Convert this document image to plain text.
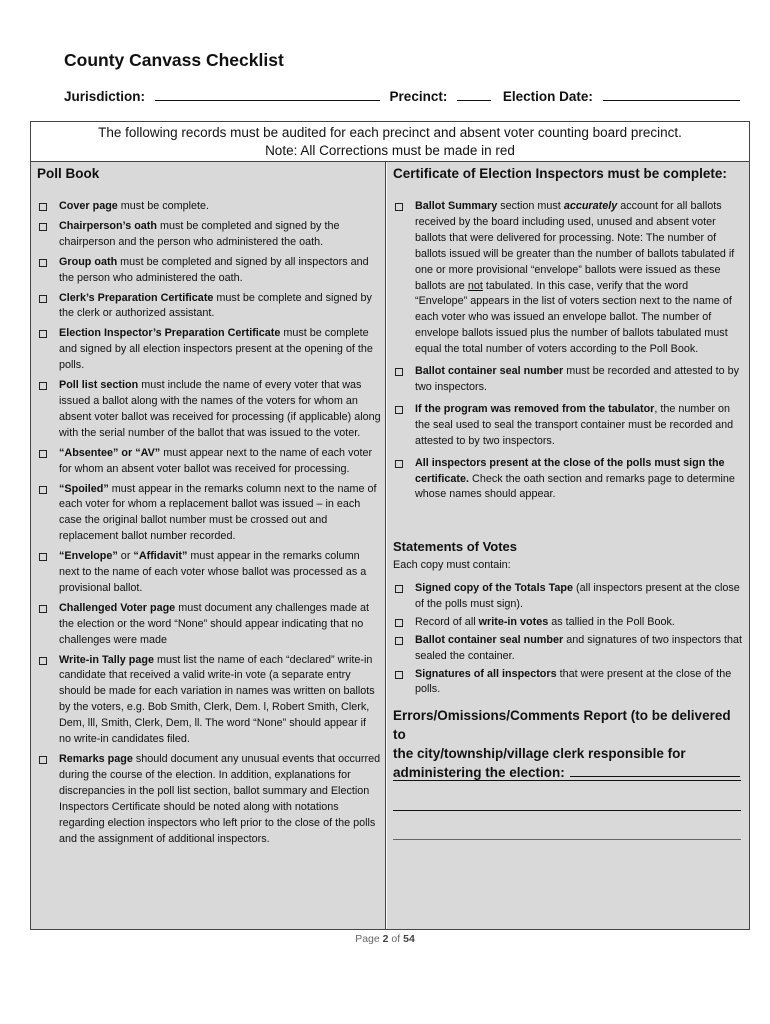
County Canvass Checklist
Jurisdiction:	Precinct:	Election Date:
The following records must be audited for each precinct and absent voter counting board precinct.
Note: All Corrections must be made in red
Poll Book
Cover page must be complete.
Chairperson’s oath must be completed and signed by the chairperson and the person who administered the oath.
Group oath must be completed and signed by all inspectors and the person who administered the oath.
Clerk’s Preparation Certificate must be complete and signed by the clerk or authorized assistant.
Election Inspector’s Preparation Certificate must be complete and signed by all election inspectors present at the opening of the polls.
Poll list section must include the name of every voter that was issued a ballot along with the names of the voters for whom an absent voter ballot was received for processing (if applicable) along with the serial number of the ballot that was issued to the voter.
“Absentee” or “AV” must appear next to the name of each voter for whom an absent voter ballot was received for processing.
“Spoiled” must appear in the remarks column next to the name of each voter for whom a replacement ballot was issued – in each case the original ballot number must be crossed out and replacement ballot number recorded.
“Envelope” or “Affidavit” must appear in the remarks column next to the name of each voter whose ballot was processed as a provisional ballot.
Challenged Voter page must document any challenges made at the election or the word “None” should appear indicating that no challenges were made
Write-in Tally page must list the name of each “declared” write-in candidate that received a valid write-in vote (a separate entry should be made for each variation in names was written on ballots by the voters, e.g. Bob Smith, Clerk, Dem. l, Robert Smith, Clerk, Dem, lll, Smith, Clerk, Dem, ll. The word “None” should appear if no write-in candidates filed.
Remarks page should document any unusual events that occurred during the course of the election. In addition, explanations for discrepancies in the poll list section, ballot summary and Election Inspectors Certificate should be noted along with notations regarding election inspectors who left prior to the close of the polls and the assignment of additional inspectors.
Certificate of Election Inspectors must be complete:
Ballot Summary section must accurately account for all ballots received by the board including used, unused and absent voter ballots that were delivered for processing. Note: The number of ballots issued will be greater than the number of ballots tabulated if one or more provisional “envelope” ballots were issued as these ballots are not tabulated. In this case, verify that the word “Envelope” appears in the list of voters section next to the name of each voter who was issued an envelope ballot. The number of envelope ballots issued plus the number of ballots tabulated must equal the total number of voters according to the Poll Book.
Ballot container seal number must be recorded and attested to by two inspectors.
If the program was removed from the tabulator, the number on the seal used to seal the transport container must be recorded and attested to by two inspectors.
All inspectors present at the close of the polls must sign the certificate. Check the oath section and remarks page to determine whose names should appear.
Statements of Votes
Each copy must contain:
Signed copy of the Totals Tape (all inspectors present at the close of the polls must sign).
Record of all write-in votes as tallied in the Poll Book.
Ballot container seal number and signatures of two inspectors that sealed the container.
Signatures of all inspectors that were present at the close of the polls.
Errors/Omissions/Comments Report (to be delivered to
the city/township/village clerk responsible for
administering the election:
Page 2 of 54
